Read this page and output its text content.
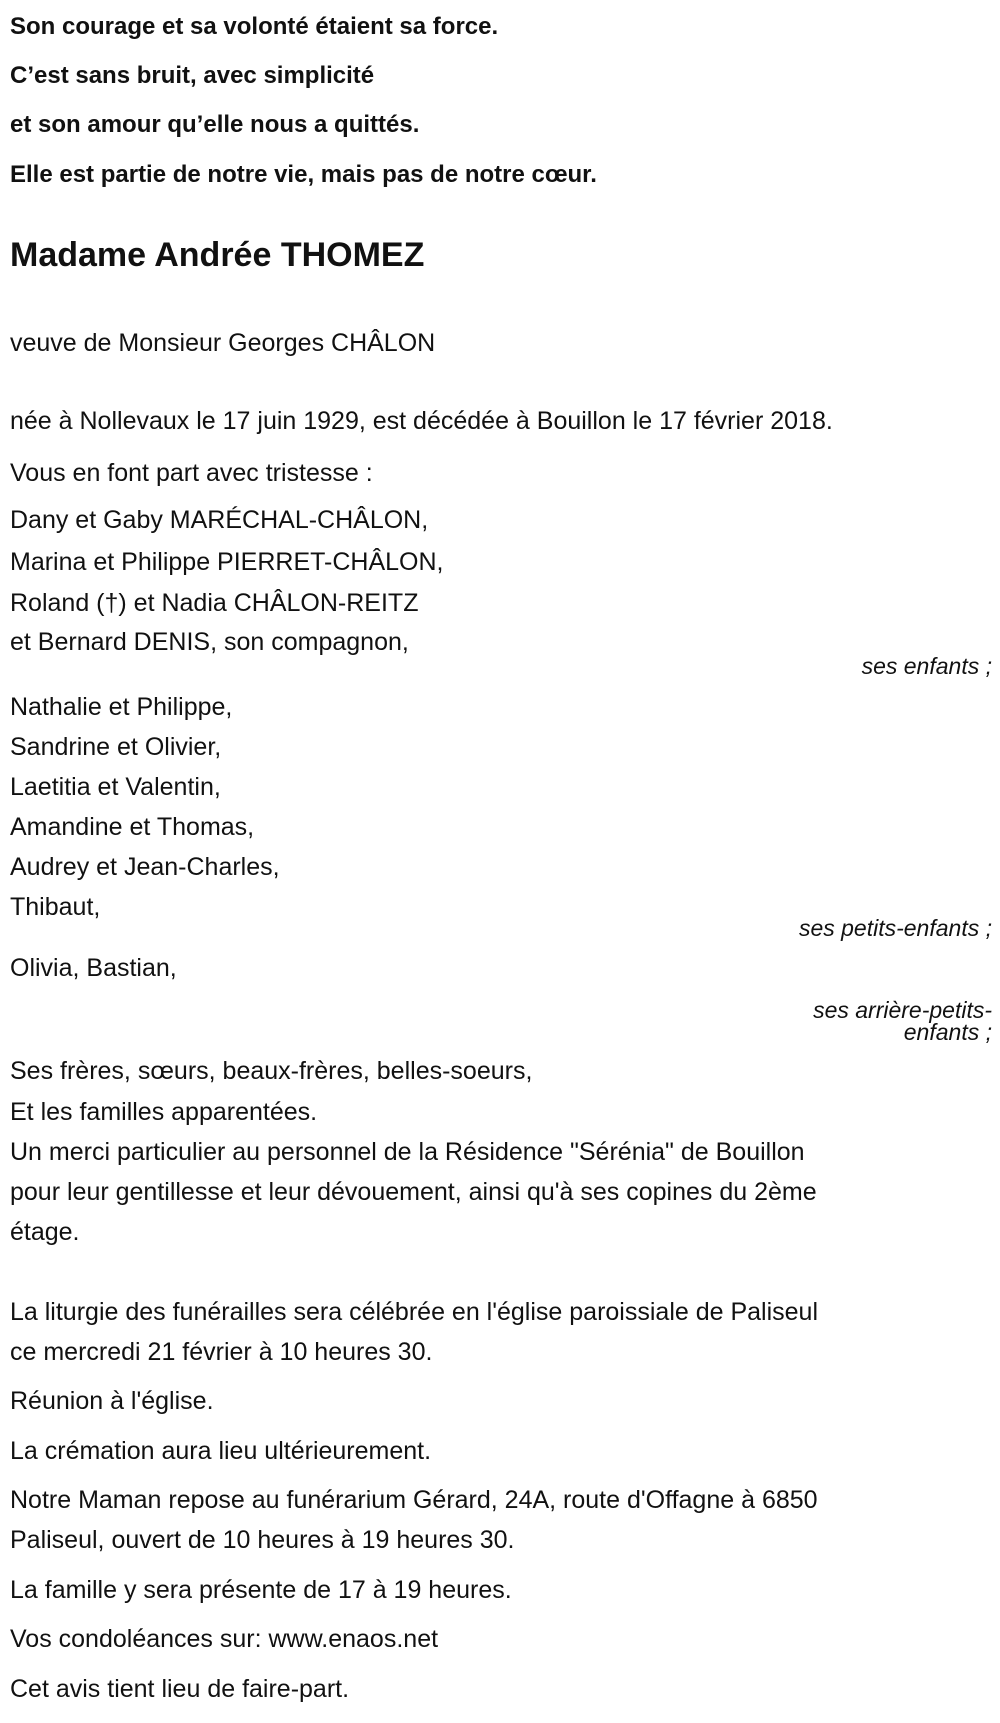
Son courage et sa volonté étaient sa force.
C’est sans bruit, avec simplicité
et son amour qu’elle nous a quittés.
Elle est partie de notre vie, mais pas de notre cœur.
Madame Andrée THOMEZ
veuve de Monsieur Georges CHÂLON
née à Nollevaux le 17 juin 1929, est décédée à Bouillon le 17 février 2018.
Vous en font part avec tristesse :
Dany et Gaby MARÉCHAL-CHÂLON,
Marina et Philippe PIERRET-CHÂLON,
Roland (†) et Nadia CHÂLON-REITZ
et Bernard DENIS, son compagnon,
ses enfants ;
Nathalie et Philippe,
Sandrine et Olivier,
Laetitia et Valentin,
Amandine et Thomas,
Audrey et Jean-Charles,
Thibaut,
ses petits-enfants ;
Olivia, Bastian,
ses arrière-petits-
enfants ;
Ses frères, sœurs, beaux-frères, belles-soeurs,
Et les familles apparentées.
Un merci particulier au personnel de la Résidence "Sérénia" de Bouillon
pour leur gentillesse et leur dévouement, ainsi qu'à ses copines du 2ème
étage.
La liturgie des funérailles sera célébrée en l'église paroissiale de Paliseul
ce mercredi 21 février à 10 heures 30.
Réunion à l'église.
La crémation aura lieu ultérieurement.
Notre Maman repose au funérarium Gérard, 24A, route d'Offagne à 6850
Paliseul, ouvert de 10 heures à 19 heures 30.
La famille y sera présente de 17 à 19 heures.
Vos condoléances sur: www.enaos.net
Cet avis tient lieu de faire-part.
